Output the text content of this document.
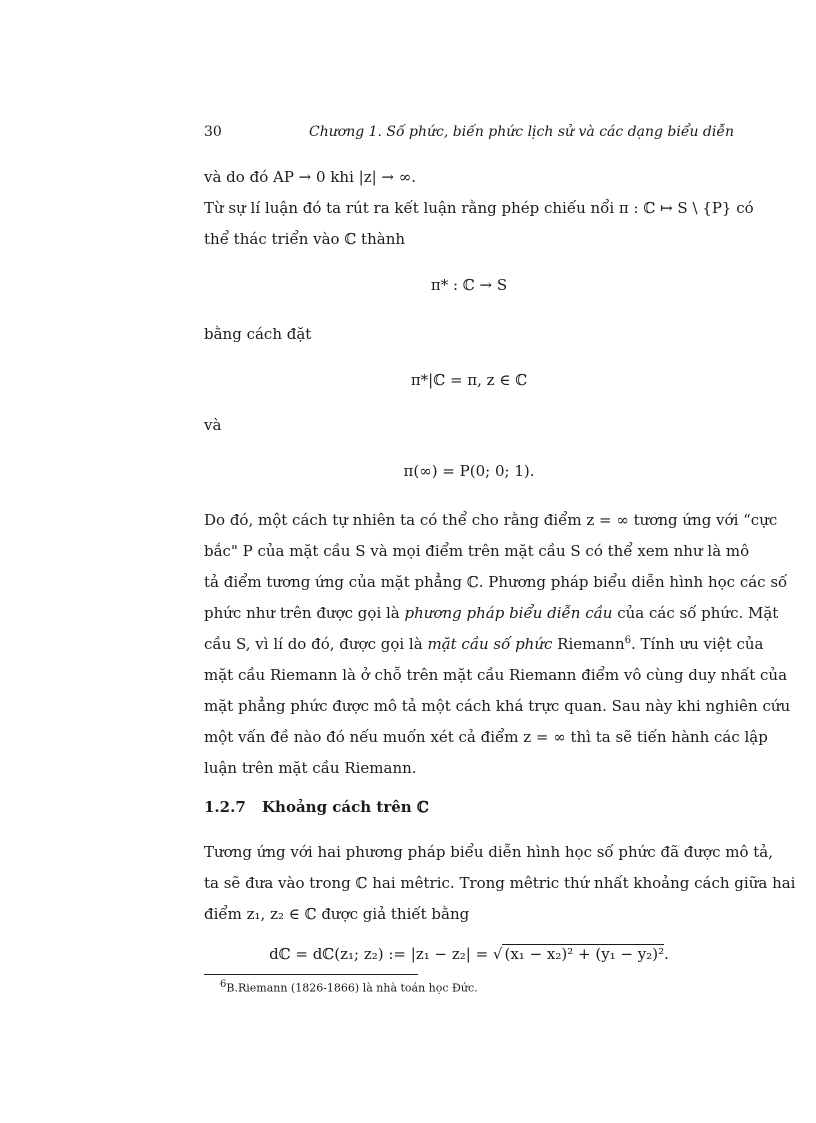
30	Chương 1. Số phức, biến phức lịch sử và các dạng biểu diễn
và do đó AP → 0 khi |z| → ∞.
Từ sự lí luận đó ta rút ra kết luận rằng phép chiếu nổi π : ℂ ↦ S \ {P} có
thể thác triển vào ℂ thành
π* : ℂ → S
bằng cách đặt
π*|ℂ = π, z ∈ ℂ
và
π(∞) = P(0; 0; 1).
Do đó, một cách tự nhiên ta có thể cho rằng điểm z = ∞ tương ứng với “cực
bắc" P của mặt cầu S và mọi điểm trên mặt cầu S có thể xem như là mô
tả điểm tương ứng của mặt phẳng ℂ. Phương pháp biểu diễn hình học các số
phức như trên được gọi là phương pháp biểu diễn cầu của các số phức. Mặt
cầu S, vì lí do đó, được gọi là mặt cầu số phức Riemann$^6$. Tính ưu việt của
mặt cầu Riemann là ở chỗ trên mặt cầu Riemann điểm vô cùng duy nhất của
mặt phẳng phức được mô tả một cách khá trực quan. Sau này khi nghiên cứu
một vấn đề nào đó nếu muốn xét cả điểm z = ∞ thì ta sẽ tiến hành các lập
luận trên mặt cầu Riemann.
1.2.7 Khoảng cách trên ℂ
Tương ứng với hai phương pháp biểu diễn hình học số phức đã được mô tả,
ta sẽ đưa vào trong ℂ hai mêtric. Trong mêtric thứ nhất khoảng cách giữa hai
điểm z₁, z₂ ∈ ℂ được giả thiết bằng
dℂ = dℂ(z₁; z₂) := |z₁ − z₂| = √ (x₁ − x₂)² + (y₁ − y₂)².
6B.Riemann (1826-1866) là nhà toán học Đức.
